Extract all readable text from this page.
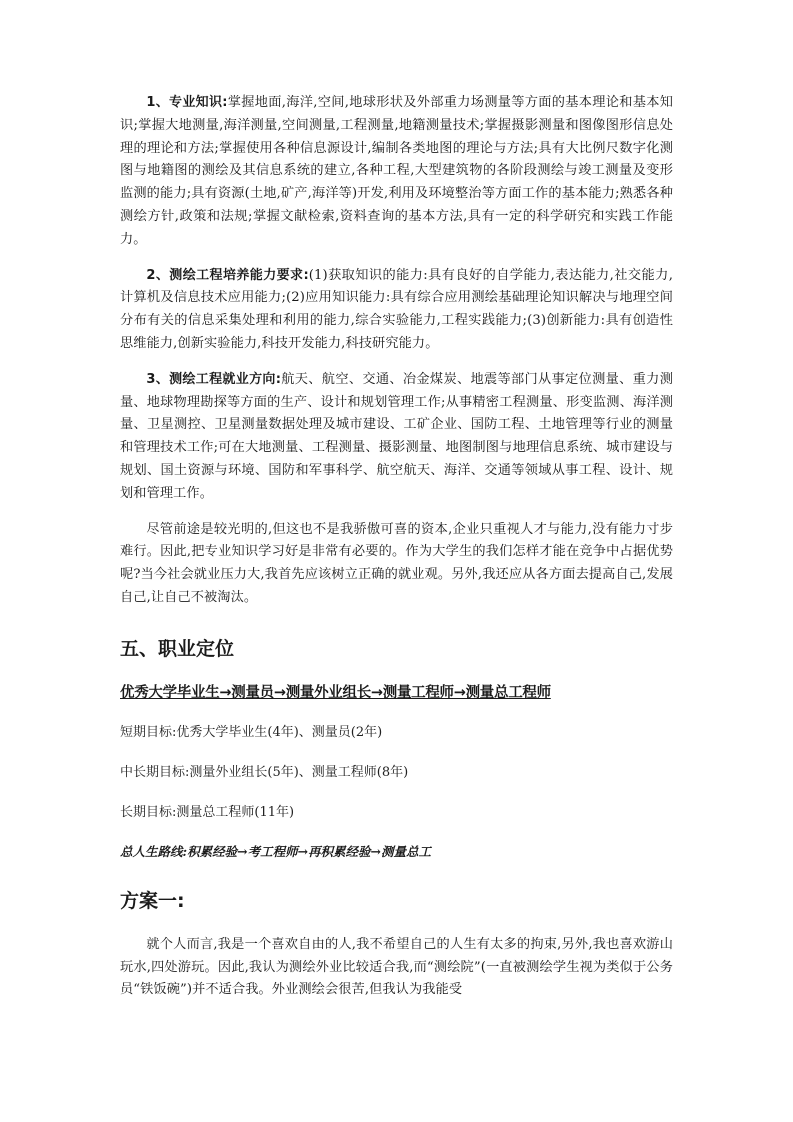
1、专业知识:掌握地面,海洋,空间,地球形状及外部重力场测量等方面的基本理论和基本知识;掌握大地测量,海洋测量,空间测量,工程测量,地籍测量技术;掌握摄影测量和图像图形信息处理的理论和方法;掌握使用各种信息源设计,编制各类地图的理论与方法;具有大比例尺数字化测图与地籍图的测绘及其信息系统的建立,各种工程,大型建筑物的各阶段测绘与竣工测量及变形监测的能力;具有资源(土地,矿产,海洋等)开发,利用及环境整治等方面工作的基本能力;熟悉各种测绘方针,政策和法规;掌握文献检索,资料查询的基本方法,具有一定的科学研究和实践工作能力。

2、测绘工程培养能力要求:(1)获取知识的能力:具有良好的自学能力,表达能力,社交能力,计算机及信息技术应用能力;(2)应用知识能力:具有综合应用测绘基础理论知识解决与地理空间分布有关的信息采集处理和利用的能力,综合实验能力,工程实践能力;(3)创新能力:具有创造性思维能力,创新实验能力,科技开发能力,科技研究能力。

3、测绘工程就业方向:航天、航空、交通、冶金煤炭、地震等部门从事定位测量、重力测量、地球物理勘探等方面的生产、设计和规划管理工作;从事精密工程测量、形变监测、海洋测量、卫星测控、卫星测量数据处理及城市建设、工矿企业、国防工程、土地管理等行业的测量和管理技术工作;可在大地测量、工程测量、摄影测量、地图制图与地理信息系统、城市建设与规划、国土资源与环境、国防和军事科学、航空航天、海洋、交通等领域从事工程、设计、规划和管理工作。

尽管前途是较光明的,但这也不是我骄傲可喜的资本,企业只重视人才与能力,没有能力寸步难行。因此,把专业知识学习好是非常有必要的。作为大学生的我们怎样才能在竞争中占据优势呢?当今社会就业压力大,我首先应该树立正确的就业观。另外,我还应从各方面去提高自己,发展自己,让自己不被淘汰。

五、职业定位

优秀大学毕业生→测量员→测量外业组长→测量工程师→测量总工程师

短期目标:优秀大学毕业生(4年)、测量员(2年)

中长期目标:测量外业组长(5年)、测量工程师(8年)

长期目标:测量总工程师(11年)

总人生路线:积累经验→考工程师→再积累经验→测量总工

方案一:

就个人而言,我是一个喜欢自由的人,我不希望自己的人生有太多的拘束,另外,我也喜欢游山玩水,四处游玩。因此,我认为测绘外业比较适合我,而“测绘院”(一直被测绘学生视为类似于公务员“铁饭碗”)并不适合我。外业测绘会很苦,但我认为我能受
